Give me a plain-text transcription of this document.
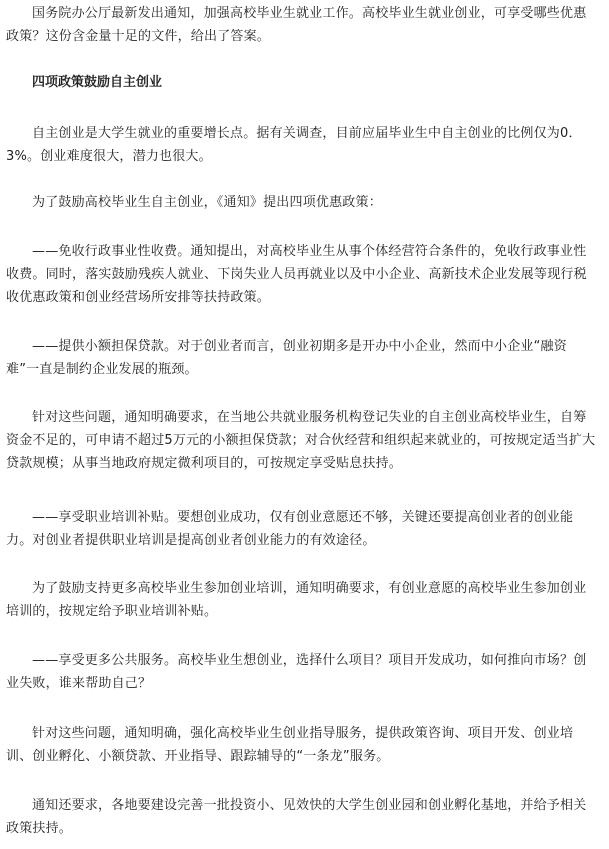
国务院办公厅最新发出通知，加强高校毕业生就业工作。高校毕业生就业创业，可享受哪些优惠政策？这份含金量十足的文件，给出了答案。

四项政策鼓励自主创业

自主创业是大学生就业的重要增长点。据有关调查，目前应届毕业生中自主创业的比例仅为0．3%。创业难度很大，潜力也很大。

为了鼓励高校毕业生自主创业，《通知》提出四项优惠政策：

——免收行政事业性收费。通知提出，对高校毕业生从事个体经营符合条件的，免收行政事业性收费。同时，落实鼓励残疾人就业、下岗失业人员再就业以及中小企业、高新技术企业发展等现行税收优惠政策和创业经营场所安排等扶持政策。

——提供小额担保贷款。对于创业者而言，创业初期多是开办中小企业，然而中小企业“融资难”一直是制约企业发展的瓶颈。

针对这些问题，通知明确要求，在当地公共就业服务机构登记失业的自主创业高校毕业生，自筹资金不足的，可申请不超过5万元的小额担保贷款；对合伙经营和组织起来就业的，可按规定适当扩大贷款规模；从事当地政府规定微利项目的，可按规定享受贴息扶持。

——享受职业培训补贴。要想创业成功，仅有创业意愿还不够，关键还要提高创业者的创业能力。对创业者提供职业培训是提高创业者创业能力的有效途径。

为了鼓励支持更多高校毕业生参加创业培训，通知明确要求，有创业意愿的高校毕业生参加创业培训的，按规定给予职业培训补贴。

——享受更多公共服务。高校毕业生想创业，选择什么项目？项目开发成功，如何推向市场？创业失败，谁来帮助自己？

针对这些问题，通知明确，强化高校毕业生创业指导服务，提供政策咨询、项目开发、创业培训、创业孵化、小额贷款、开业指导、跟踪辅导的“一条龙”服务。

通知还要求，各地要建设完善一批投资小、见效快的大学生创业园和创业孵化基地，并给予相关政策扶持。
